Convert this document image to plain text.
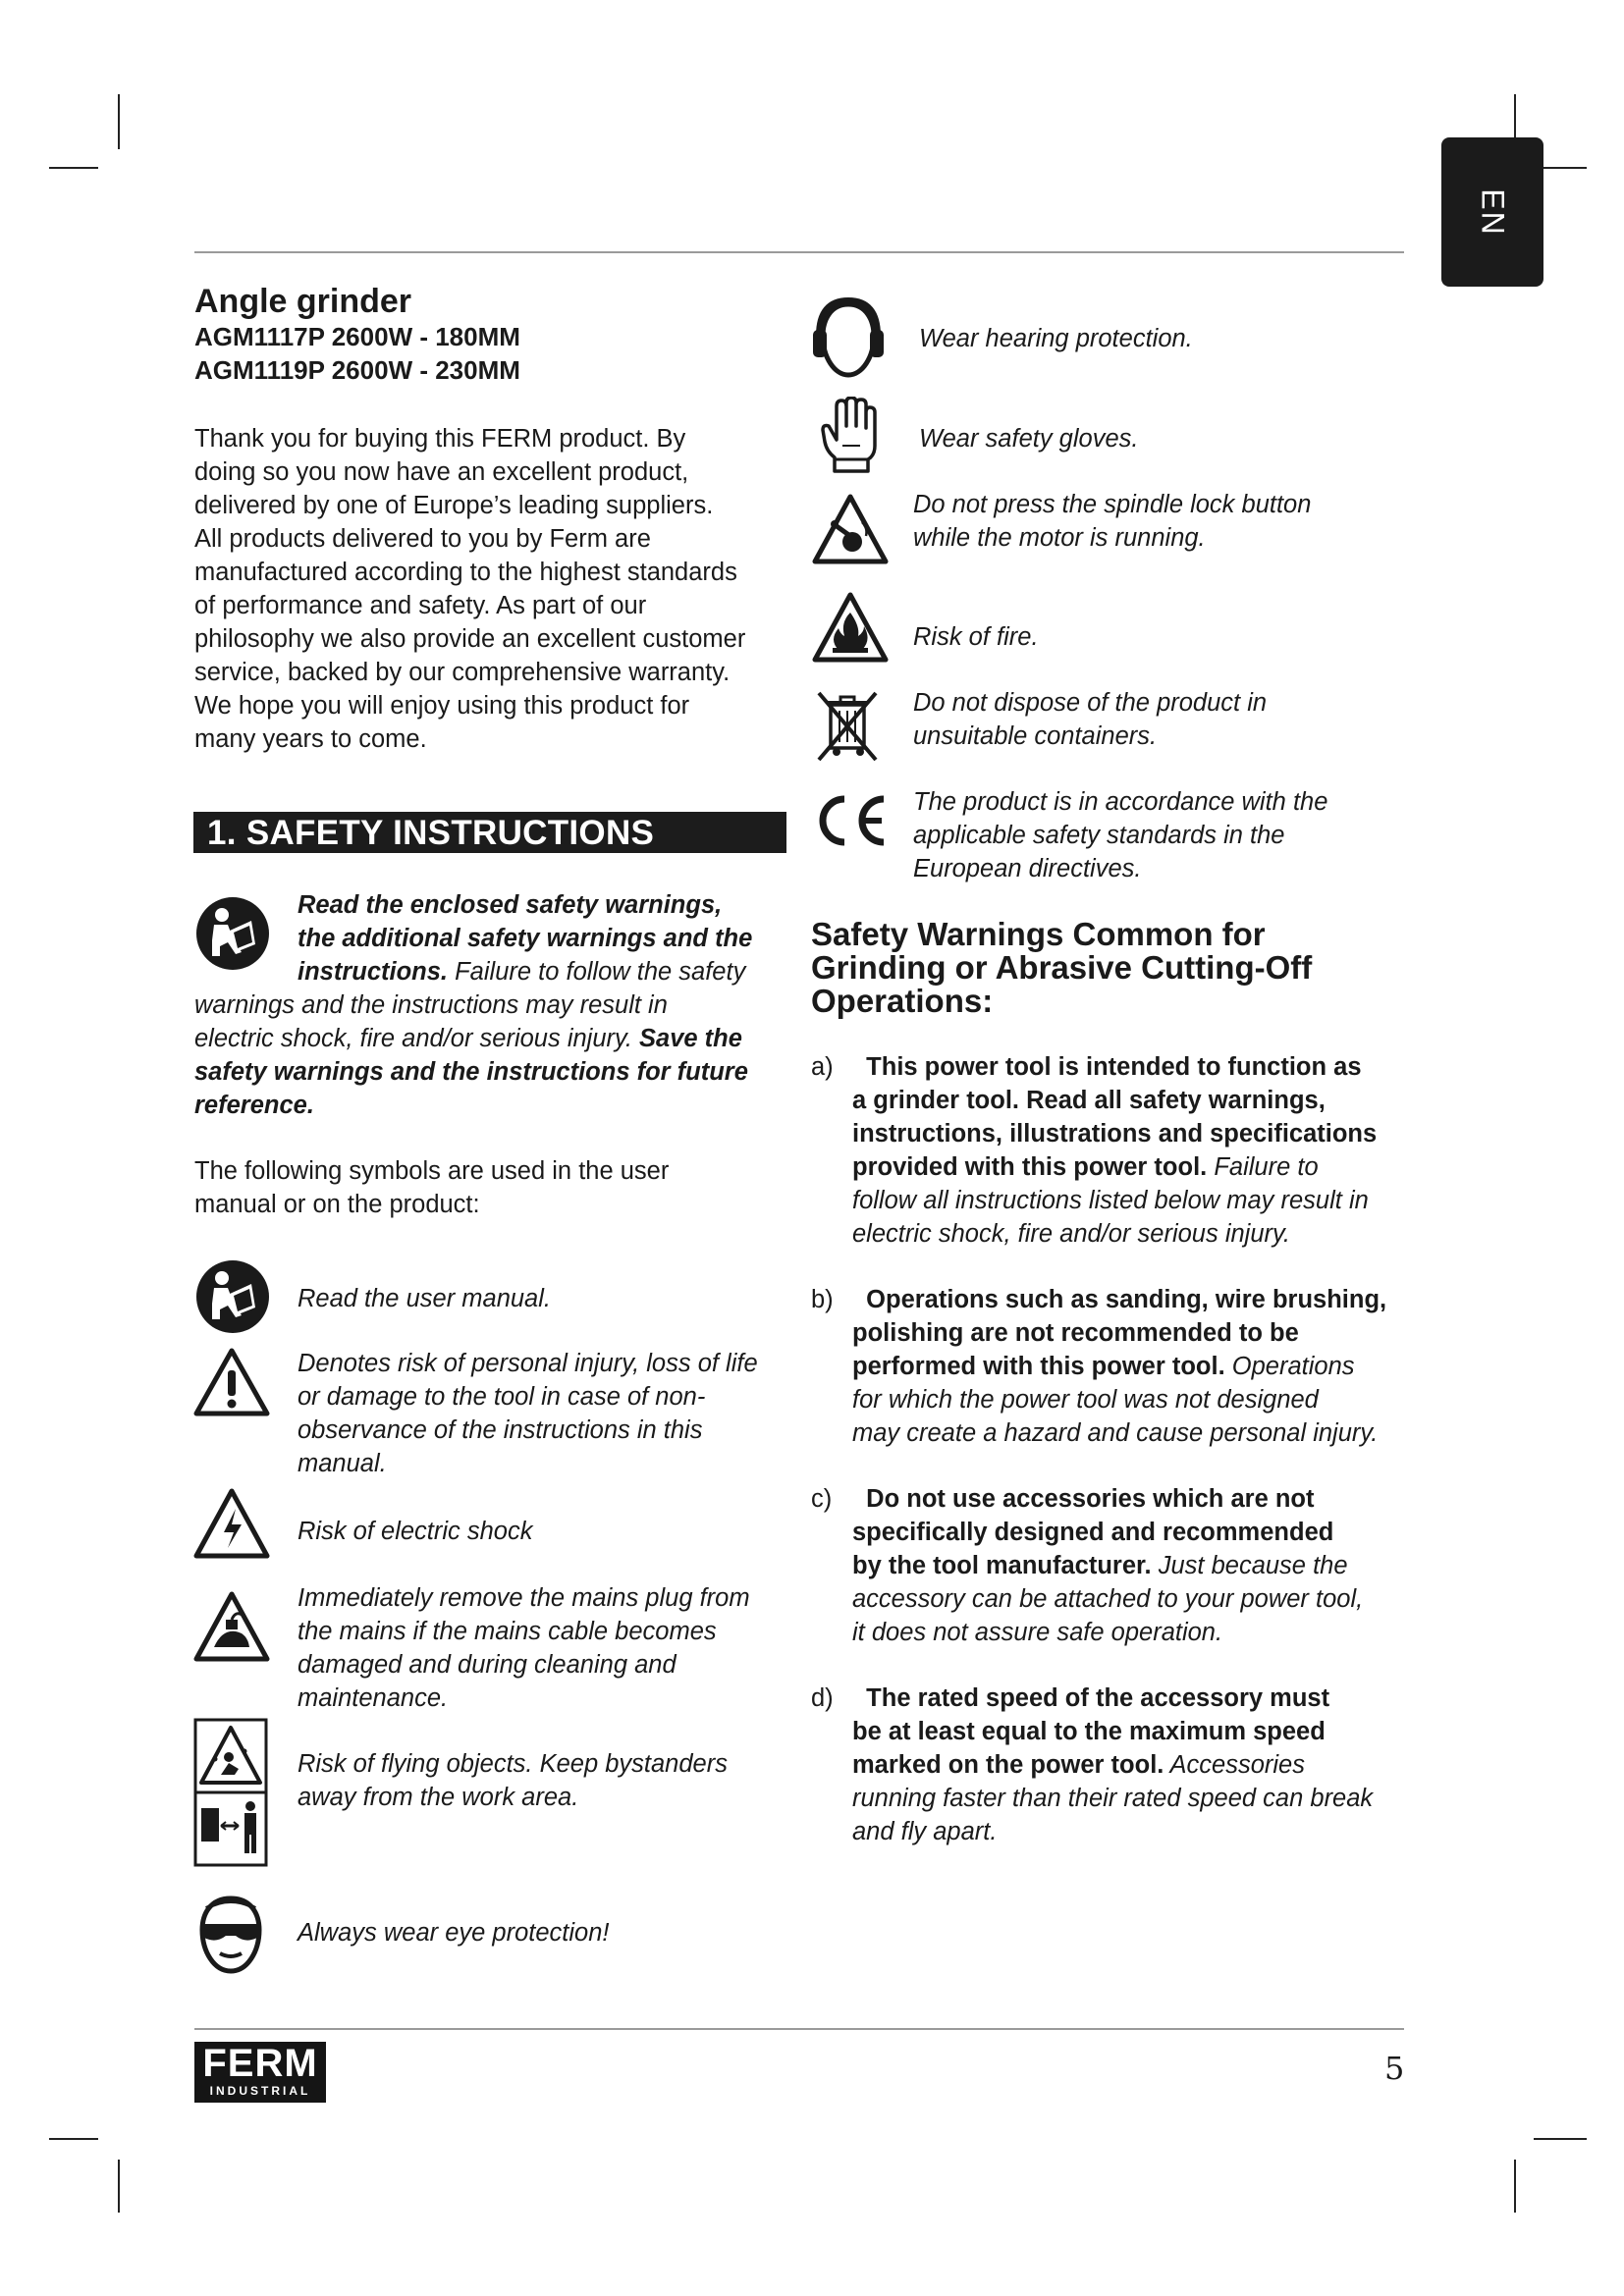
EN
Angle grinder
AGM1117P 2600W - 180MM
AGM1119P 2600W - 230MM

Thank you for buying this FERM product. By

doing so you now have an excellent product,

delivered by one of Europe’s leading suppliers.

All products delivered to you by Ferm are

manufactured according to the highest standards

of performance and safety. As part of our

philosophy we also provide an excellent customer

service, backed by our comprehensive warranty.

We hope you will enjoy using this product for

many years to come.

1. SAFETY INSTRUCTIONS
Read the enclosed safety warnings,
the additional safety warnings and the
instructions. Failure to follow the safety
warnings and the instructions may result in
electric shock, fire and/or serious injury. Save the
safety warnings and the instructions for future
reference.

The following symbols are used in the user

manual or on the product:

Read the user manual.
Denotes risk of personal injury, loss of life
or damage to the tool in case of non-
observance of the instructions in this
manual.
Risk of electric shock
Immediately remove the mains plug from
the mains if the mains cable becomes
damaged and during cleaning and
maintenance.
Risk of flying objects. Keep bystanders
away from the work area.
Always wear eye protection!
Wear hearing protection.
Wear safety gloves.
Do not press the spindle lock button
while the motor is running.
Risk of fire.
Do not dispose of the product in
unsuitable containers.
The product is in accordance with the
applicable safety standards in the
European directives.
Safety Warnings Common for
Grinding or Abrasive Cutting-Off
Operations:
a) This power tool is intended to function as
a grinder tool. Read all safety warnings,
instructions, illustrations and specifications
provided with this power tool. Failure to
follow all instructions listed below may result in
electric shock, fire and/or serious injury.
b) Operations such as sanding, wire brushing,
polishing are not recommended to be
performed with this power tool. Operations
for which the power tool was not designed
may create a hazard and cause personal injury.
c) Do not use accessories which are not
specifically designed and recommended
by the tool manufacturer. Just because the
accessory can be attached to your power tool,
it does not assure safe operation.
d) The rated speed of the accessory must
be at least equal to the maximum speed
marked on the power tool. Accessories
running faster than their rated speed can break
and fly apart.
FERM
INDUSTRIAL
5
